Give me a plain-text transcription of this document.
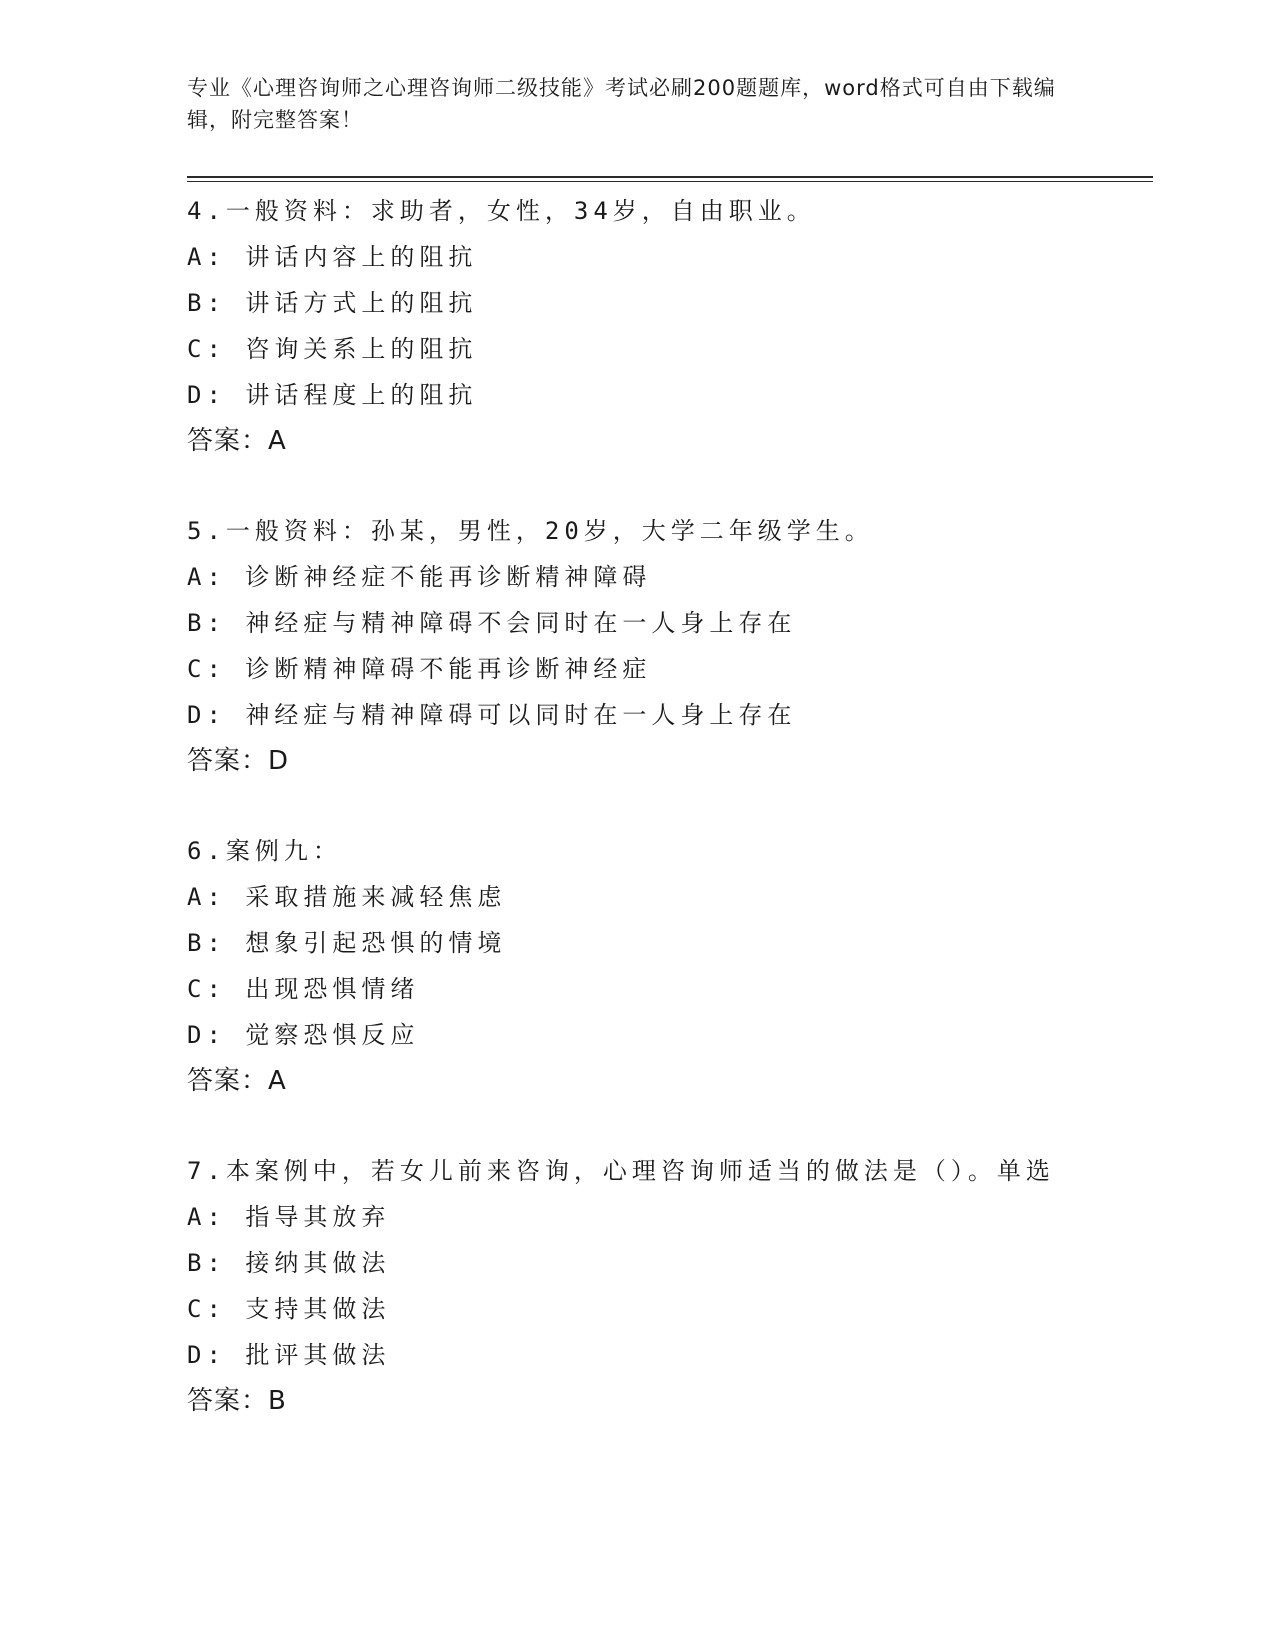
专业《心理咨询师之心理咨询师二级技能》考试必刷200题题库，word格式可自由下载编辑，附完整答案！
4.一般资料：求助者，女性，34岁，自由职业。
A: 讲话内容上的阻抗
B: 讲话方式上的阻抗
C: 咨询关系上的阻抗
D: 讲话程度上的阻抗
答案：A
5.一般资料：孙某，男性，20岁，大学二年级学生。
A: 诊断神经症不能再诊断精神障碍
B: 神经症与精神障碍不会同时在一人身上存在
C: 诊断精神障碍不能再诊断神经症
D: 神经症与精神障碍可以同时在一人身上存在
答案：D
6.案例九：
A: 采取措施来减轻焦虑
B: 想象引起恐惧的情境
C: 出现恐惧情绪
D: 觉察恐惧反应
答案：A
7.本案例中，若女儿前来咨询，心理咨询师适当的做法是（）。单选
A: 指导其放弃
B: 接纳其做法
C: 支持其做法
D: 批评其做法
答案：B
